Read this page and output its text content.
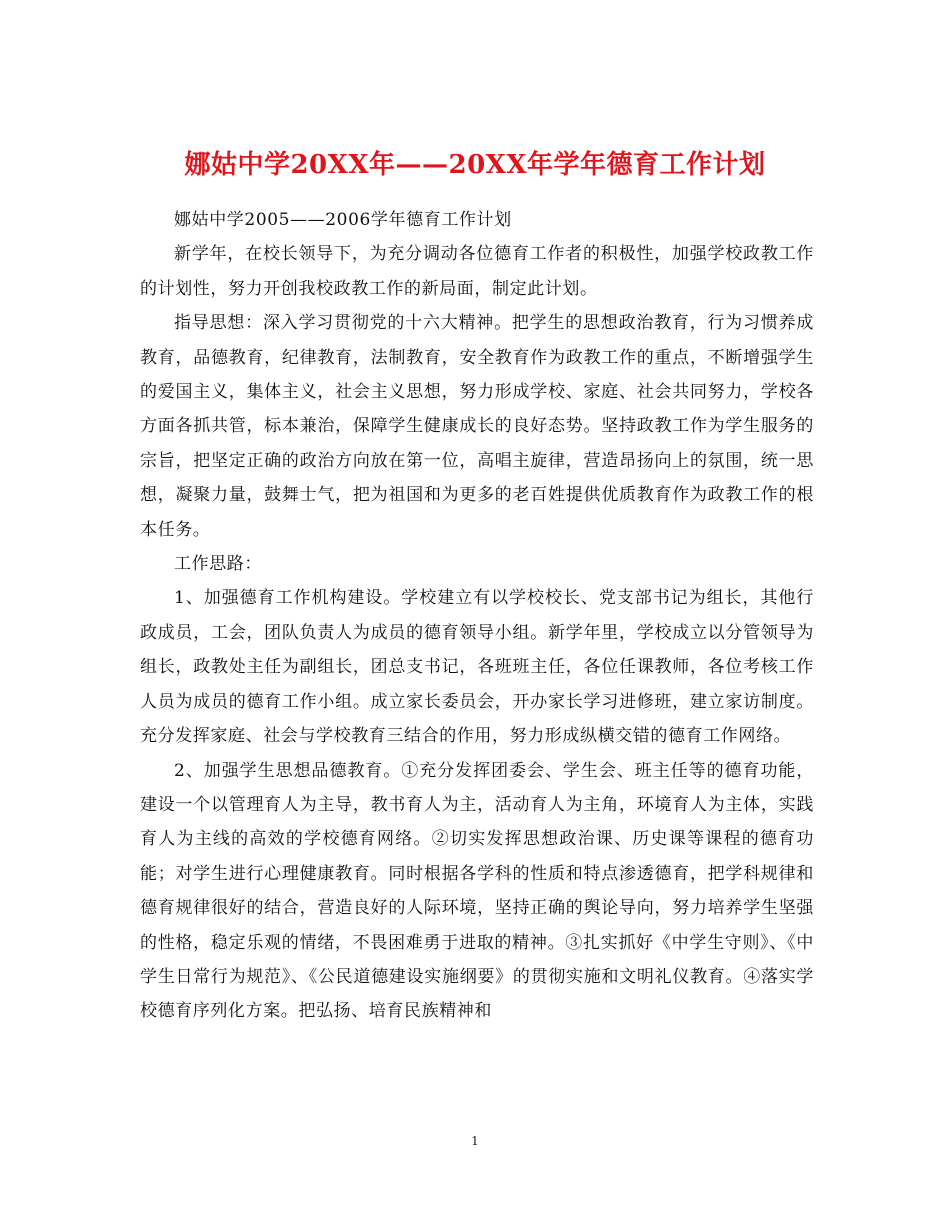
娜姑中学20XX年——20XX年学年德育工作计划

娜姑中学2005——2006学年德育工作计划

新学年，在校长领导下，为充分调动各位德育工作者的积极性，加强学校政教工作的计划性，努力开创我校政教工作的新局面，制定此计划。

指导思想：深入学习贯彻党的十六大精神。把学生的思想政治教育，行为习惯养成教育，品德教育，纪律教育，法制教育，安全教育作为政教工作的重点，不断增强学生的爱国主义，集体主义，社会主义思想，努力形成学校、家庭、社会共同努力，学校各方面各抓共管，标本兼治，保障学生健康成长的良好态势。坚持政教工作为学生服务的宗旨，把坚定正确的政治方向放在第一位，高唱主旋律，营造昂扬向上的氛围，统一思想，凝聚力量，鼓舞士气，把为祖国和为更多的老百姓提供优质教育作为政教工作的根本任务。

工作思路：

1、加强德育工作机构建设。学校建立有以学校校长、党支部书记为组长，其他行政成员，工会，团队负责人为成员的德育领导小组。新学年里，学校成立以分管领导为组长，政教处主任为副组长，团总支书记，各班班主任，各位任课教师，各位考核工作人员为成员的德育工作小组。成立家长委员会，开办家长学习进修班，建立家访制度。充分发挥家庭、社会与学校教育三结合的作用，努力形成纵横交错的德育工作网络。

2、加强学生思想品德教育。①充分发挥团委会、学生会、班主任等的德育功能，建设一个以管理育人为主导，教书育人为主，活动育人为主角，环境育人为主体，实践育人为主线的高效的学校德育网络。②切实发挥思想政治课、历史课等课程的德育功能；对学生进行心理健康教育。同时根据各学科的性质和特点渗透德育，把学科规律和德育规律很好的结合，营造良好的人际环境，坚持正确的舆论导向，努力培养学生坚强的性格，稳定乐观的情绪，不畏困难勇于进取的精神。③扎实抓好《中学生守则》、《中学生日常行为规范》、《公民道德建设实施纲要》的贯彻实施和文明礼仪教育。④落实学校德育序列化方案。把弘扬、培育民族精神和

1
